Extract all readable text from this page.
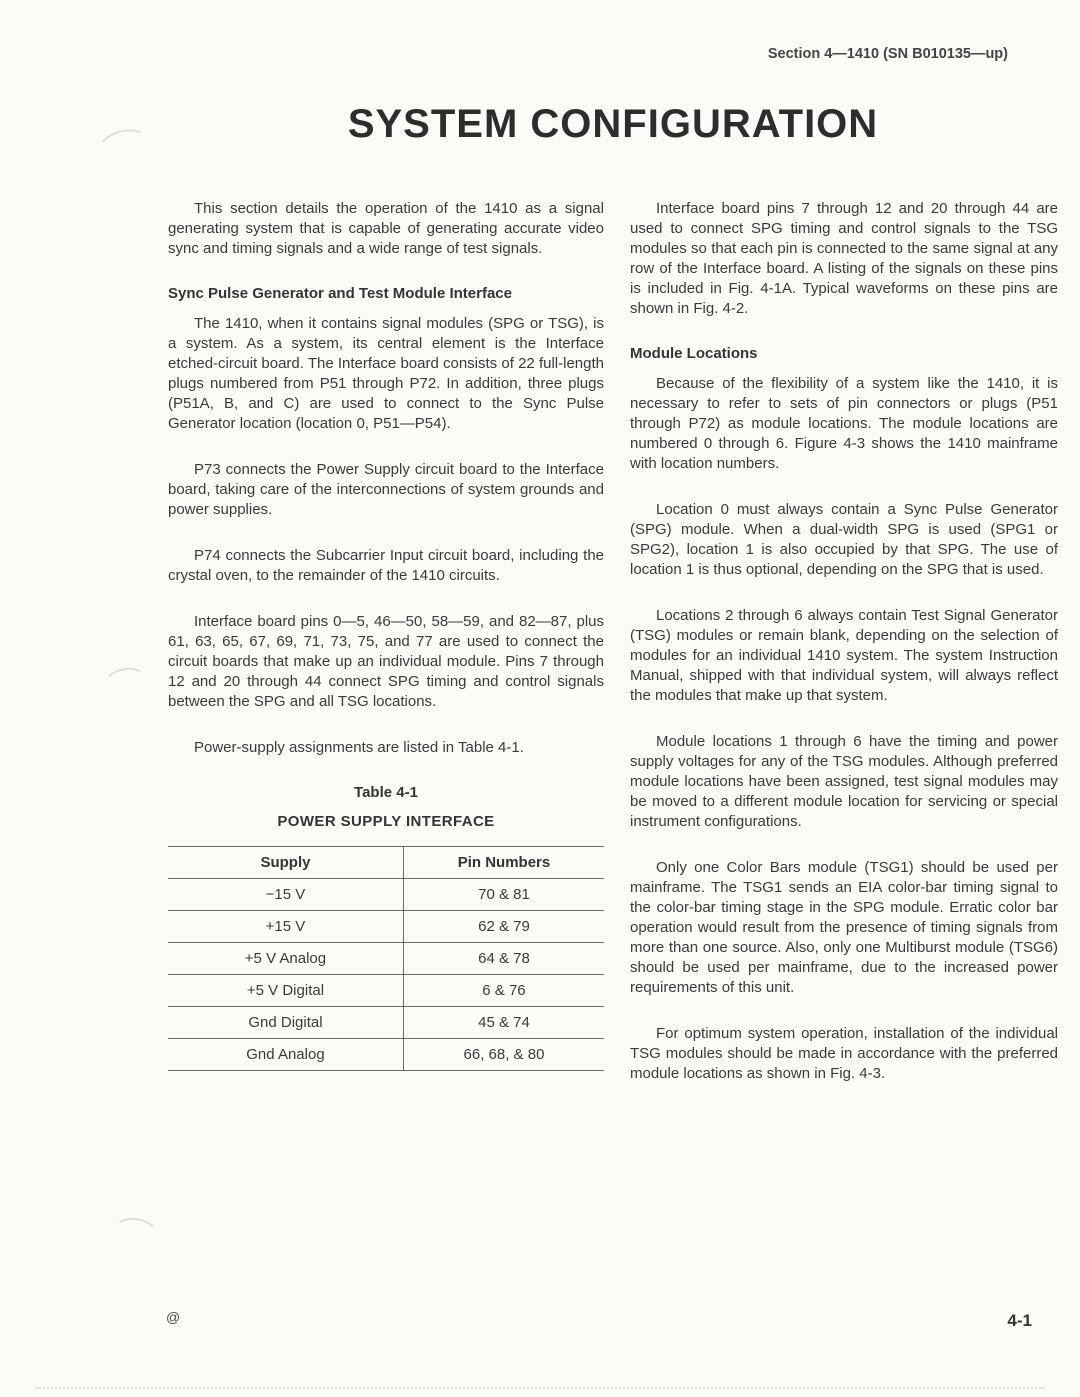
Section 4—1410 (SN B010135—up)
SYSTEM CONFIGURATION

This section details the operation of the 1410 as a signal generating system that is capable of generating accurate video sync and timing signals and a wide range of test signals.

Sync Pulse Generator and Test Module Interface

The 1410, when it contains signal modules (SPG or TSG), is a system. As a system, its central element is the Interface etched-circuit board. The Interface board consists of 22 full-length plugs numbered from P51 through P72. In addition, three plugs (P51A, B, and C) are used to connect to the Sync Pulse Generator location (location 0, P51—P54).

P73 connects the Power Supply circuit board to the Interface board, taking care of the interconnections of system grounds and power supplies.

P74 connects the Subcarrier Input circuit board, including the crystal oven, to the remainder of the 1410 circuits.

Interface board pins 0—5, 46—50, 58—59, and 82—87, plus 61, 63, 65, 67, 69, 71, 73, 75, and 77 are used to connect the circuit boards that make up an individual module. Pins 7 through 12 and 20 through 44 connect SPG timing and control signals between the SPG and all TSG locations.

Power-supply assignments are listed in Table 4-1.

Table 4-1
POWER SUPPLY INTERFACE
Supply	Pin Numbers
−15 V	70 & 81
+15 V	62 & 79
+5 V Analog	64 & 78
+5 V Digital	6 & 76
Gnd Digital	45 & 74
Gnd Analog	66, 68, & 80

Interface board pins 7 through 12 and 20 through 44 are used to connect SPG timing and control signals to the TSG modules so that each pin is connected to the same signal at any row of the Interface board. A listing of the signals on these pins is included in Fig. 4-1A. Typical waveforms on these pins are shown in Fig. 4-2.

Module Locations

Because of the flexibility of a system like the 1410, it is necessary to refer to sets of pin connectors or plugs (P51 through P72) as module locations. The module locations are numbered 0 through 6. Figure 4-3 shows the 1410 mainframe with location numbers.

Location 0 must always contain a Sync Pulse Generator (SPG) module. When a dual-width SPG is used (SPG1 or SPG2), location 1 is also occupied by that SPG. The use of location 1 is thus optional, depending on the SPG that is used.

Locations 2 through 6 always contain Test Signal Generator (TSG) modules or remain blank, depending on the selection of modules for an individual 1410 system. The system Instruction Manual, shipped with that individual system, will always reflect the modules that make up that system.

Module locations 1 through 6 have the timing and power supply voltages for any of the TSG modules. Although preferred module locations have been assigned, test signal modules may be moved to a different module location for servicing or special instrument configurations.

Only one Color Bars module (TSG1) should be used per mainframe. The TSG1 sends an EIA color-bar timing signal to the color-bar timing stage in the SPG module. Erratic color bar operation would result from the presence of timing signals from more than one source. Also, only one Multiburst module (TSG6) should be used per mainframe, due to the increased power requirements of this unit.

For optimum system operation, installation of the individual TSG modules should be made in accordance with the preferred module locations as shown in Fig. 4-3.

@	4-1
